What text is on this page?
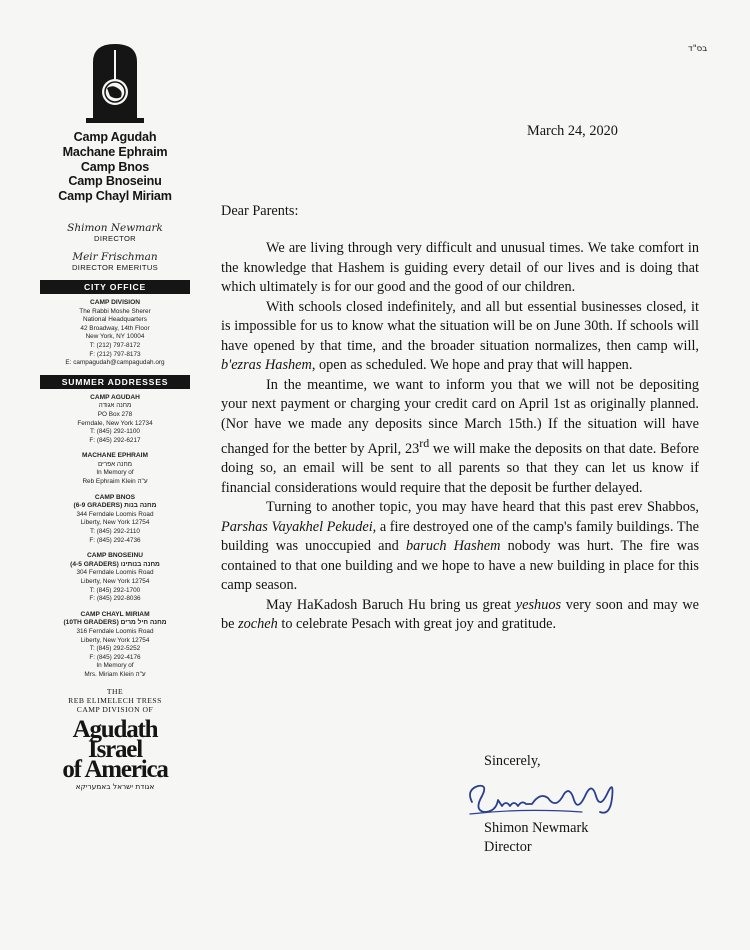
Camp Agudah
Machane Ephraim
Camp Bnos
Camp Bnoseinu
Camp Chayl Miriam
Shimon Newmark
DIRECTOR
Meir Frischman
DIRECTOR EMERITUS
CITY OFFICE
CAMP DIVISION
The Rabbi Moshe Sherer
National Headquarters
42 Broadway, 14th Floor
New York, NY 10004
T: (212) 797-8172
F: (212) 797-8173
E: campagudah@campagudah.org
SUMMER ADDRESSES
CAMP AGUDAH
מחנה אגודה
PO Box 278
Ferndale, New York 12734
T: (845) 292-1100
F: (845) 292-6217
MACHANE EPHRAIM
מחנה אפרים
In Memory of
Reb Ephraim Klein ע"ה
CAMP BNOS
(6-9 GRADERS) מחנה בנות
344 Ferndale Loomis Road
Liberty, New York 12754
T: (845) 292-2110
F: (845) 292-4736
CAMP BNOSEINU
(4-5 GRADERS) מחנה בנותינו
304 Ferndale Loomis Road
Liberty, New York 12754
T: (845) 292-1700
F: (845) 292-8036
CAMP CHAYL MIRIAM
(10TH GRADERS) מחנה חיל מרים
316 Ferndale Loomis Road
Liberty, New York 12754
T: (845) 292-5252
F: (845) 292-4176
In Memory of
Mrs. Miriam Klein ע"ה
THE
REB ELIMELECH TRESS
CAMP DIVISION OF
Agudath
Israel
of America
אגודת ישראל באמעריקא
בס"ד
March 24, 2020
Dear Parents:

We are living through very difficult and unusual times. We take comfort in the knowledge that Hashem is guiding every detail of our lives and is doing that which ultimately is for our good and the good of our children.

With schools closed indefinitely, and all but essential businesses closed, it is impossible for us to know what the situation will be on June 30th. If schools will have opened by that time, and the broader situation normalizes, then camp will, b'ezras Hashem, open as scheduled. We hope and pray that will happen.

In the meantime, we want to inform you that we will not be depositing your next payment or charging your credit card on April 1st as originally planned.(Nor have we made any deposits since March 15th.) If the situation will have changed for the better by April, 23rd we will make the deposits on that date. Before doing so, an email will be sent to all parents so that they can let us know if financial considerations would require that the deposit be further delayed.

Turning to another topic, you may have heard that this past erev Shabbos, Parshas Vayakhel Pekudei, a fire destroyed one of the camp's family buildings. The building was unoccupied and baruch Hashem nobody was hurt. The fire was contained to that one building and we hope to have a new building in place for this camp season.

May HaKadosh Baruch Hu bring us great yeshuos very soon and may we be zocheh to celebrate Pesach with great joy and gratitude.

Sincerely,
Shimon Newmark
Director
